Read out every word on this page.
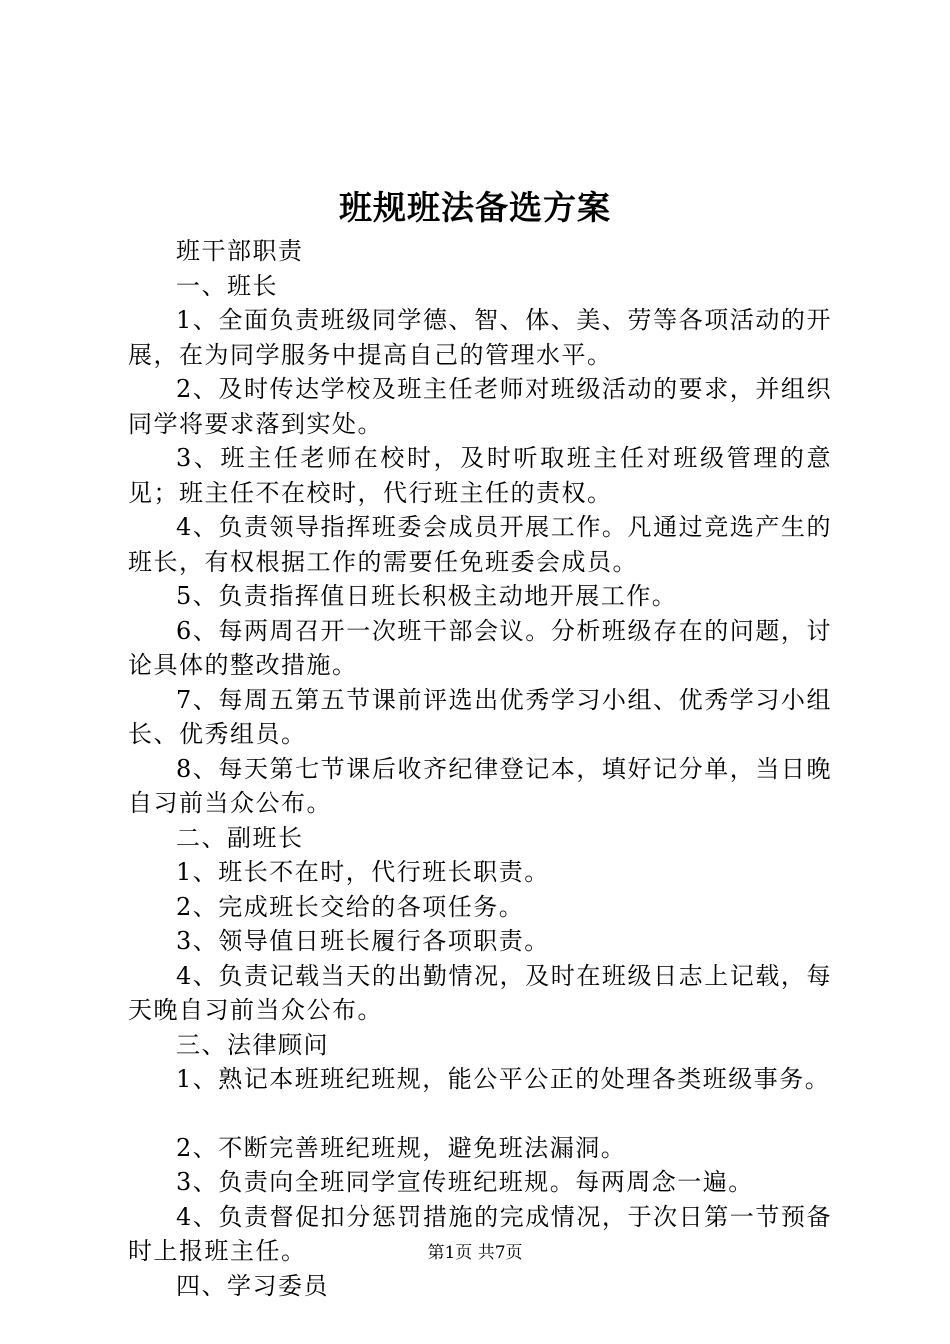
班规班法备选方案

班干部职责

一、班长

1、全面负责班级同学德、智、体、美、劳等各项活动的开展，在为同学服务中提高自己的管理水平。

2、及时传达学校及班主任老师对班级活动的要求，并组织同学将要求落到实处。

3、班主任老师在校时，及时听取班主任对班级管理的意见；班主任不在校时，代行班主任的责权。

4、负责领导指挥班委会成员开展工作。凡通过竞选产生的班长，有权根据工作的需要任免班委会成员。

5、负责指挥值日班长积极主动地开展工作。

6、每两周召开一次班干部会议。分析班级存在的问题，讨论具体的整改措施。

7、每周五第五节课前评选出优秀学习小组、优秀学习小组长、优秀组员。

8、每天第七节课后收齐纪律登记本，填好记分单，当日晚自习前当众公布。

二、副班长

1、班长不在时，代行班长职责。

2、完成班长交给的各项任务。

3、领导值日班长履行各项职责。

4、负责记载当天的出勤情况，及时在班级日志上记载，每天晚自习前当众公布。

三、法律顾问

1、熟记本班班纪班规，能公平公正的处理各类班级事务。

2、不断完善班纪班规，避免班法漏洞。

3、负责向全班同学宣传班纪班规。每两周念一遍。

4、负责督促扣分惩罚措施的完成情况，于次日第一节预备时上报班主任。

四、学习委员

第1页 共7页
